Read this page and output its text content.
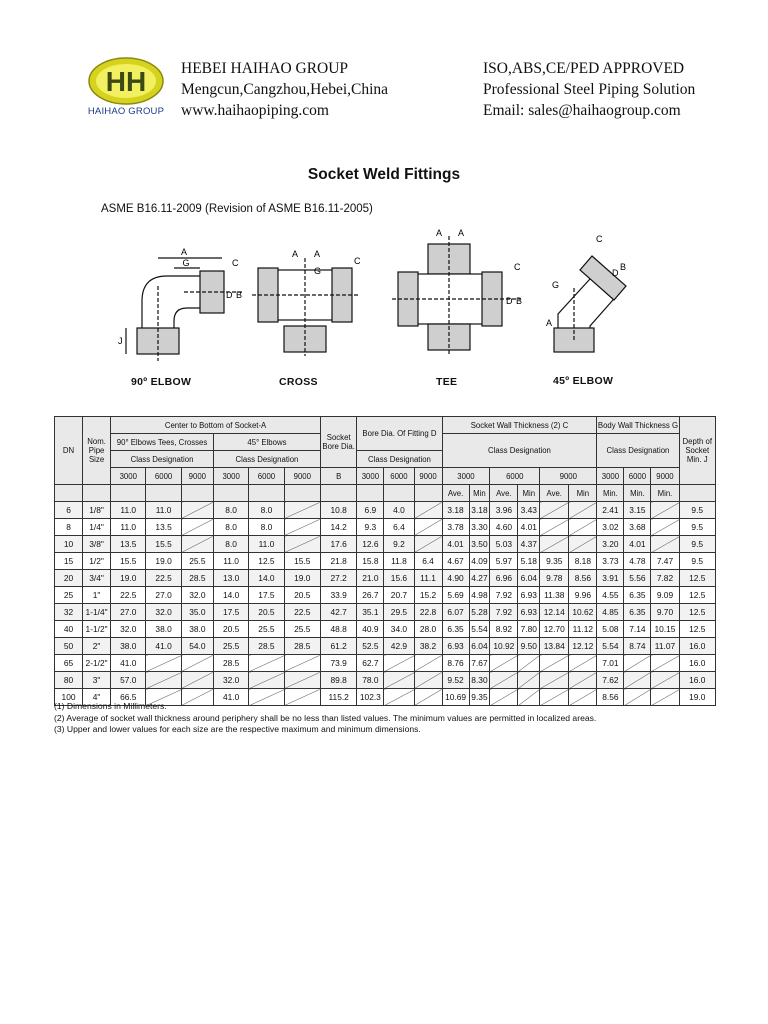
HH
HAIHAO GROUP
HEBEI HAIHAO GROUP
Mengcun,Cangzhou,Hebei,China
www.haihaopiping.com
ISO,ABS,CE/PED APPROVED
Professional Steel Piping Solution
Email: sales@haihaogroup.com
Socket Weld Fittings
ASME B16.11-2009 (Revision of ASME B16.11-2005)
A
G	C
D B
J
A A
G
C
A A
C
D B
C
B
D
G
A
90º ELBOW	CROSS	TEE	45º ELBOW
DN	Nom. Pipe Size	Center to Bottom of Socket-A						Socket Bore Dia.	Bore Dia. Of Fitting D			Socket Wall Thickness (2) C						Body Wall Thickness G			Depth of Socket Min. J
		90° Elbows Tees, Crosses			45° Elbows							Class Designation						Class Designation			
		Class Designation			Class Designation				Class Designation												
		3000	6000	9000	3000	6000	9000	B	3000	6000	9000	3000		6000		9000		3000	6000	9000	
												Ave.	Min	Ave.	Min	Ave.	Min	Min.	Min.	Min.	
6	1/8"	11.0	11.0		8.0	8.0		10.8	6.9	4.0		3.18	3.18	3.96	3.43			2.41	3.15		9.5
8	1/4"	11.0	13.5		8.0	8.0		14.2	9.3	6.4		3.78	3.30	4.60	4.01			3.02	3.68		9.5
10	3/8"	13.5	15.5		8.0	11.0		17.6	12.6	9.2		4.01	3.50	5.03	4.37			3.20	4.01		9.5
15	1/2"	15.5	19.0	25.5	11.0	12.5	15.5	21.8	15.8	11.8	6.4	4.67	4.09	5.97	5.18	9.35	8.18	3.73	4.78	7.47	9.5
20	3/4"	19.0	22.5	28.5	13.0	14.0	19.0	27.2	21.0	15.6	11.1	4.90	4.27	6.96	6.04	9.78	8.56	3.91	5.56	7.82	12.5
25	1"	22.5	27.0	32.0	14.0	17.5	20.5	33.9	26.7	20.7	15.2	5.69	4.98	7.92	6.93	11.38	9.96	4.55	6.35	9.09	12.5
32	1-1/4"	27.0	32.0	35.0	17.5	20.5	22.5	42.7	35.1	29.5	22.8	6.07	5.28	7.92	6.93	12.14	10.62	4.85	6.35	9.70	12.5
40	1-1/2"	32.0	38.0	38.0	20.5	25.5	25.5	48.8	40.9	34.0	28.0	6.35	5.54	8.92	7.80	12.70	11.12	5.08	7.14	10.15	12.5
50	2"	38.0	41.0	54.0	25.5	28.5	28.5	61.2	52.5	42.9	38.2	6.93	6.04	10.92	9.50	13.84	12.12	5.54	8.74	11.07	16.0
65	2-1/2"	41.0			28.5			73.9	62.7			8.76	7.67					7.01			16.0
80	3"	57.0			32.0			89.8	78.0			9.52	8.30					7.62			16.0
100	4"	66.5			41.0			115.2	102.3			10.69	9.35					8.56			19.0
(1) Dimensions in Millimeters.
(2) Average of socket wall thickness around periphery shall be no less than listed values. The minimum values are permitted in localized areas.
(3) Upper and lower values for each size are the respective maximum and minimum dimensions.
